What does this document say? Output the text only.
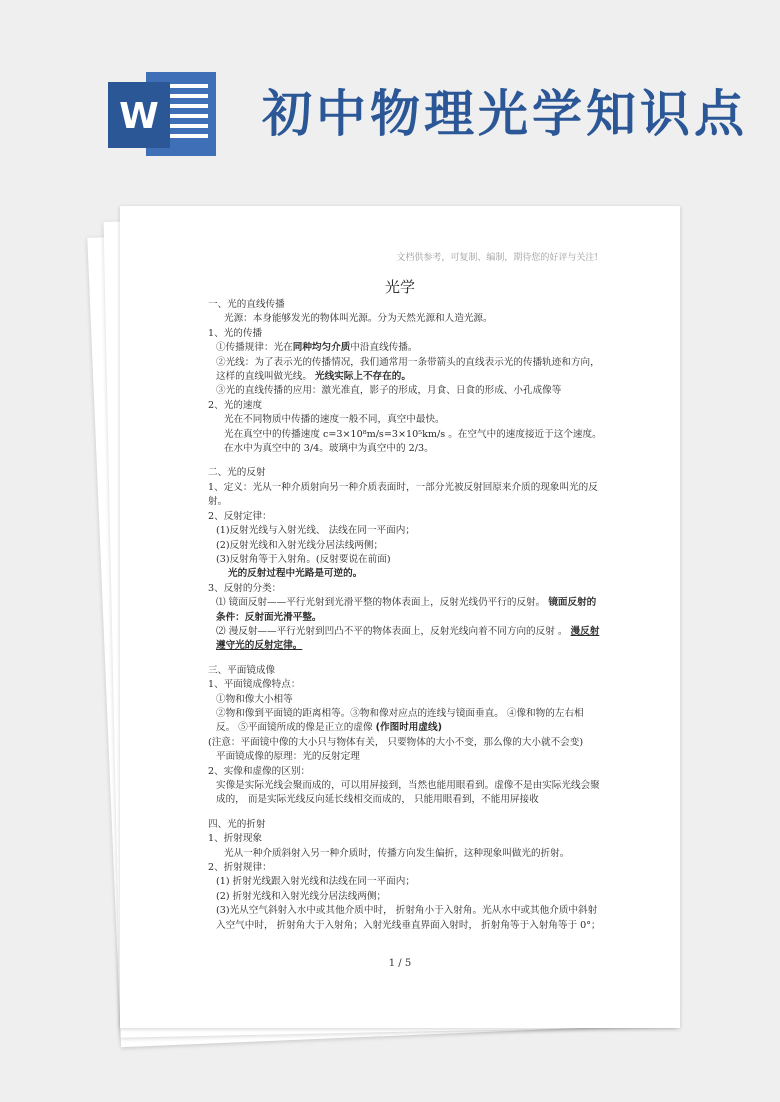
W 初中物理光学知识点
文档供参考，可复制、编制，期待您的好评与关注!
光学

一、光的直线传播

光源：本身能够发光的物体叫光源。分为天然光源和人造光源。

1、光的传播

①传播规律：光在同种均匀介质中沿直线传播。

②光线：为了表示光的传播情况，我们通常用一条带箭头的直线表示光的传播轨迹和方向，这样的直线叫做光线。 光线实际上不存在的。

③光的直线传播的应用：激光准直，影子的形成，月食、日食的形成、小孔成像等

2、光的速度

光在不同物质中传播的速度一般不同，真空中最快。

光在真空中的传播速度 c=3×10⁸m/s=3×10⁵km/s 。在空气中的速度接近于这个速度。

在水中为真空中的 3/4。玻璃中为真空中的 2/3。

二、光的反射

1、定义：光从一种介质射向另一种介质表面时，一部分光被反射回原来介质的现象叫光的反射。

2、反射定律：

(1)反射光线与入射光线、 法线在同一平面内；

(2)反射光线和入射光线分居法线两侧；

(3)反射角等于入射角。(反射要说在前面)

光的反射过程中光路是可逆的。

3、反射的分类：

⑴ 镜面反射——平行光射到光滑平整的物体表面上，反射光线仍平行的反射。 镜面反射的条件：反射面光滑平整。

⑵ 漫反射——平行光射到凹凸不平的物体表面上，反射光线向着不同方向的反射 。 漫反射遵守光的反射定律。

三、平面镜成像

1、平面镜成像特点：

①物和像大小相等

②物和像到平面镜的距离相等。③物和像对应点的连线与镜面垂直。 ④像和物的左右相反。 ⑤平面镜所成的像是正立的虚像 (作图时用虚线)

(注意：平面镜中像的大小只与物体有关， 只要物体的大小不变，那么像的大小就不会变)

平面镜成像的原理：光的反射定理

2、实像和虚像的区别：

实像是实际光线会聚而成的，可以用屏接到，当然也能用眼看到。虚像不是由实际光线会聚成的， 而是实际光线反向延长线相交而成的， 只能用眼看到，不能用屏接收

四、光的折射

1、折射现象

光从一种介质斜射入另一种介质时，传播方向发生偏折，这种现象叫做光的折射。

2、折射规律：

(1) 折射光线跟入射光线和法线在同一平面内；

(2) 折射光线和入射光线分居法线两侧；

(3)光从空气斜射入水中或其他介质中时， 折射角小于入射角。光从水中或其他介质中斜射入空气中时， 折射角大于入射角；入射光线垂直界面入射时， 折射角等于入射角等于 0°；

1 / 5
